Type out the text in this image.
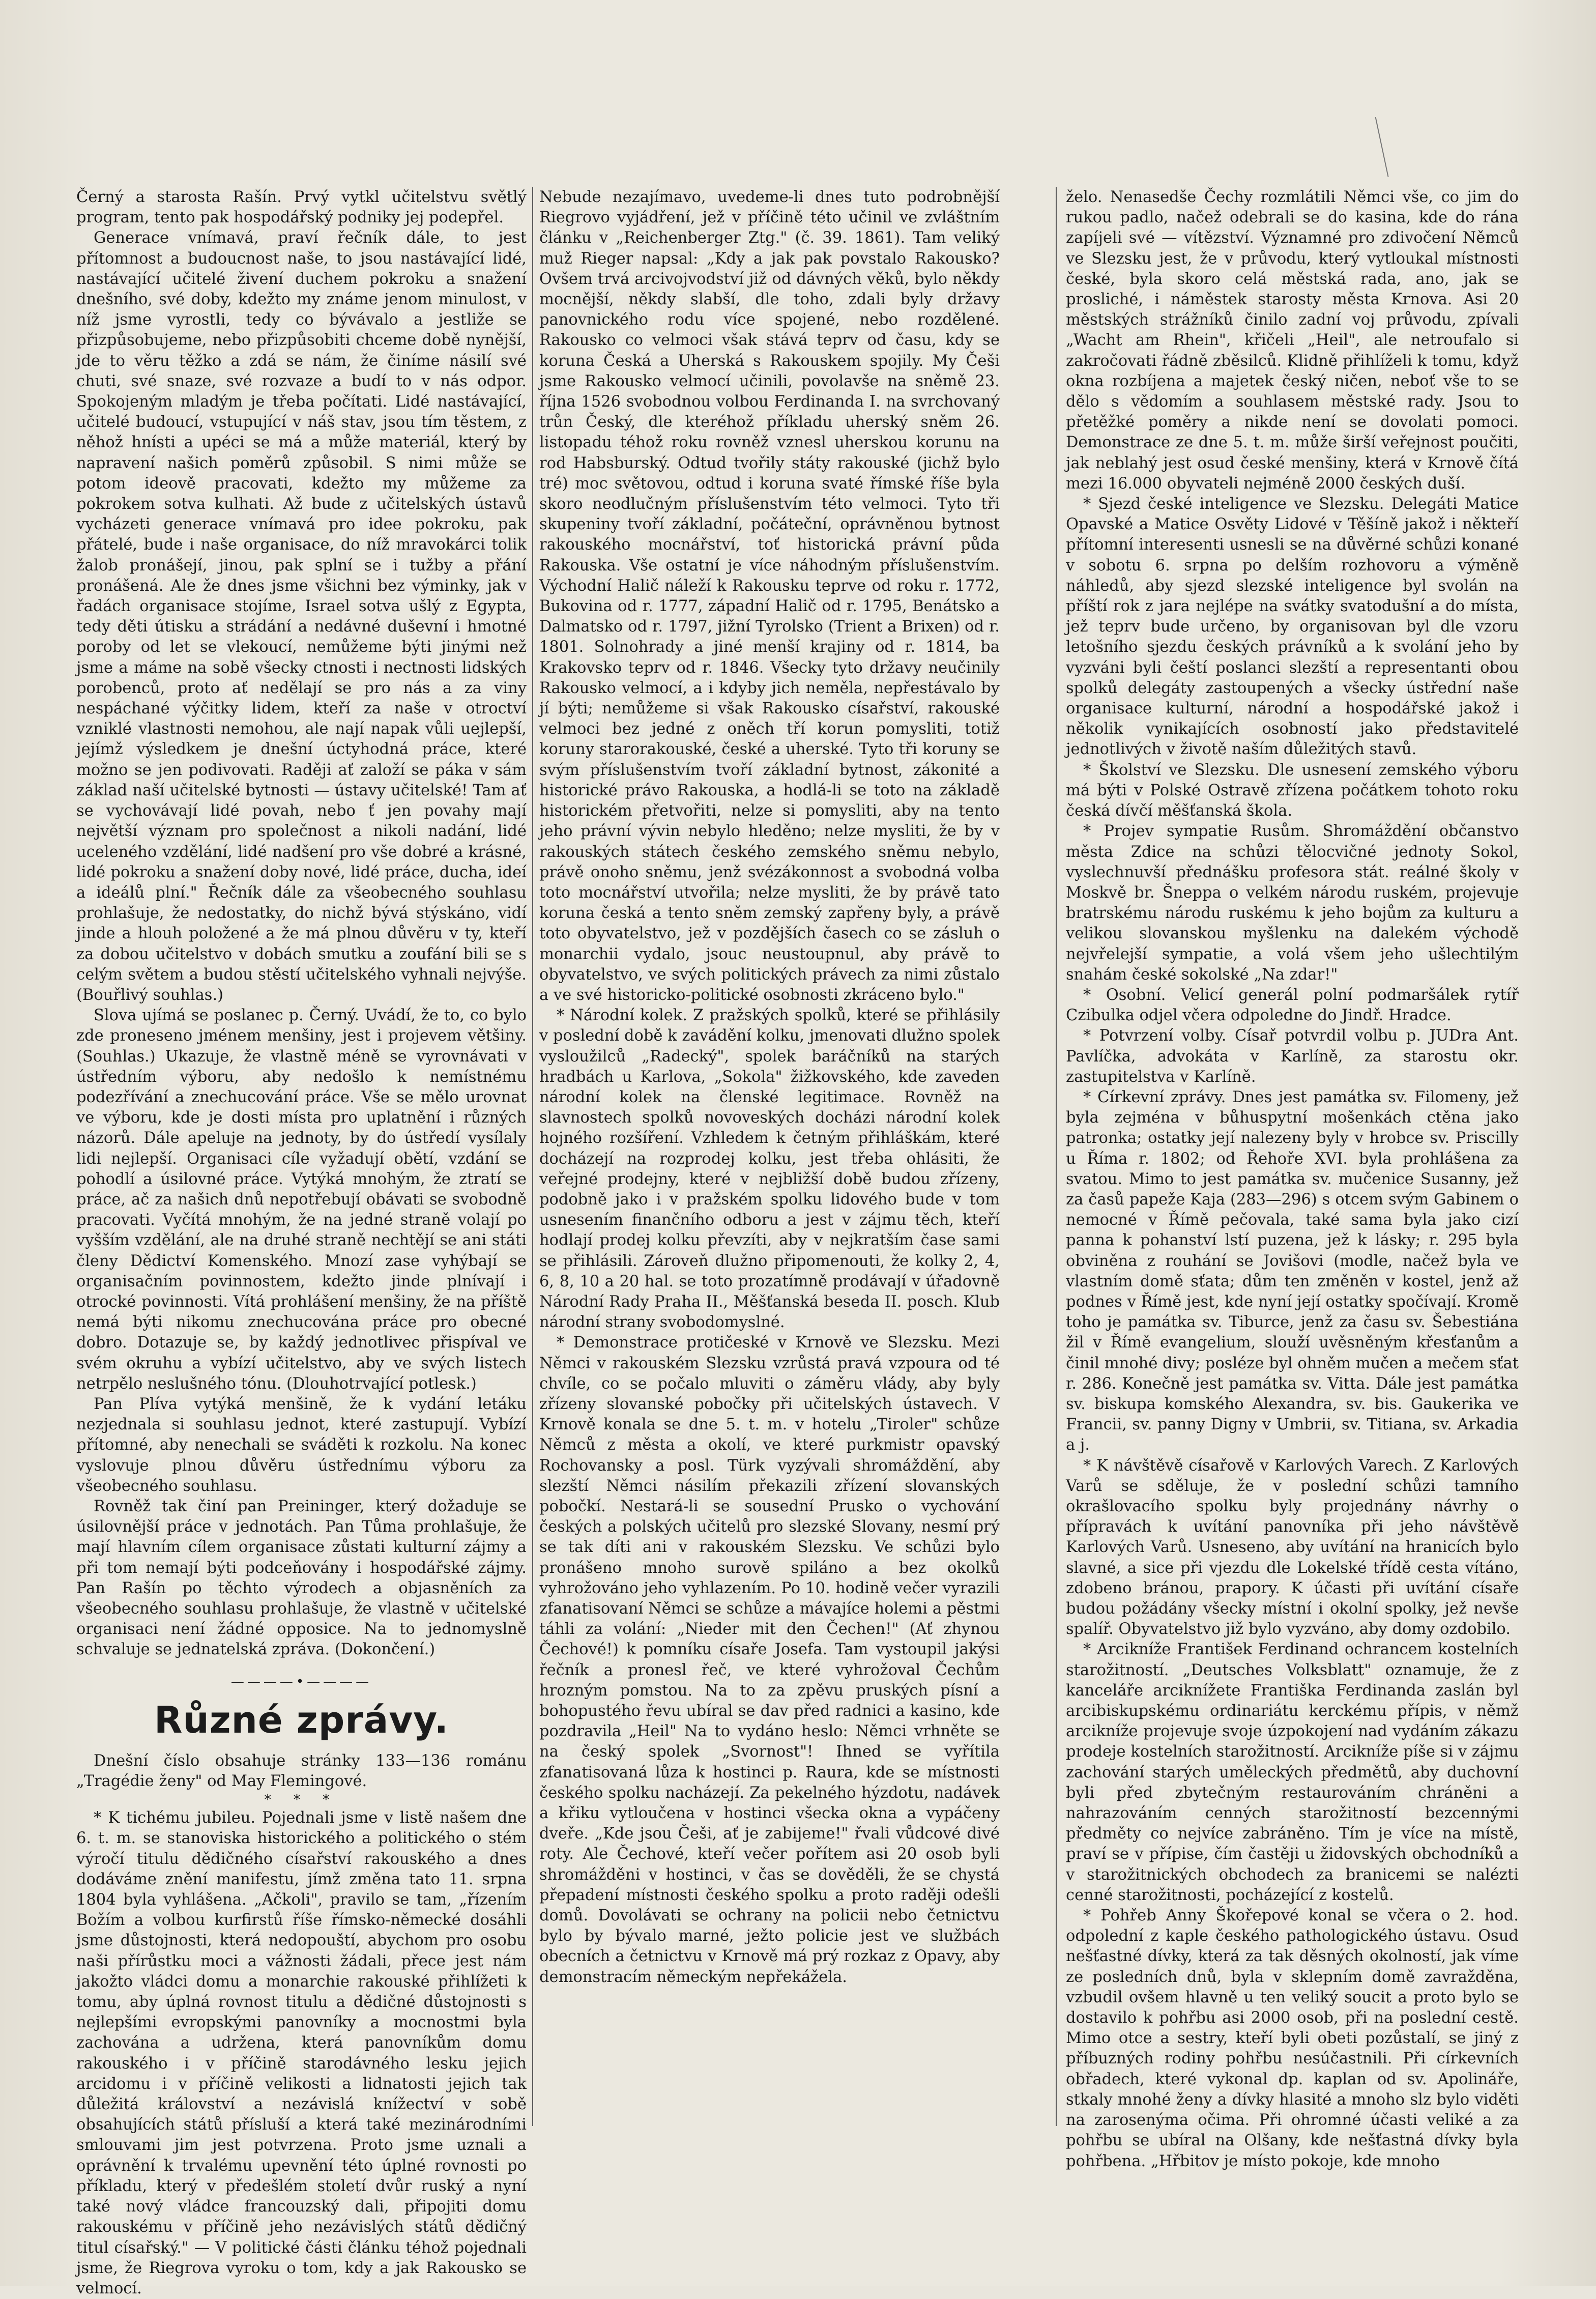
Černý a starosta Rašín. Prvý vytkl učitelstvu světlý program, tento pak hospodářský podniky jej podepřel.

Generace vnímavá, praví řečník dále, to jest přítomnost a budoucnost naše, to jsou nastávající lidé, nastávající učitelé živení duchem pokroku a snažení dnešního, své doby, kdežto my známe jenom minulost, v níž jsme vyrostli, tedy co bývávalo a jestliže se přizpůsobujeme, nebo přizpůsobiti chceme době nynější, jde to věru těžko a zdá se nám, že činíme násilí své chuti, své snaze, své rozvaze a budí to v nás odpor. Spokojeným mladým je třeba počítati. Lidé nastávající, učitelé budoucí, vstupující v náš stav, jsou tím těstem, z něhož hnísti a upéci se má a může materiál, který by napravení našich poměrů způsobil. S nimi může se potom ideově pracovati, kdežto my můžeme za pokrokem sotva kulhati. Až bude z učitelských ústavů vycházeti generace vnímavá pro idee pokroku, pak přátelé, bude i naše organisace, do níž mravokárci tolik žalob pronášejí, jinou, pak splní se i tužby a přání pronášená. Ale že dnes jsme všichni bez výminky, jak v řadách organisace stojíme, Israel sotva ušlý z Egypta, tedy děti útisku a strádání a nedávné duševní i hmotné poroby od let se vlekoucí, nemůžeme býti jinými než jsme a máme na sobě všecky ctnosti i nectnosti lidských porobenců, proto ať nedělají se pro nás a za viny nespáchané výčitky lidem, kteří za naše v otroctví vzniklé vlastnosti nemohou, ale nají napak vůli uejlepší, jejímž výsledkem je dnešní úctyhodná práce, které možno se jen podivovati. Raději ať založí se páka v sám základ naší učitelské bytnosti — ústavy učitelské! Tam ať se vychovávají lidé povah, nebo ť jen povahy mají největší význam pro společnost a nikoli nadání, lidé uceleného vzdělání, lidé nadšení pro vše dobré a krásné, lidé pokroku a snažení doby nové, lidé práce, ducha, ideí a ideálů plní." Řečník dále za všeobecného souhlasu prohlašuje, že nedostatky, do nichž bývá stýskáno, vidí jinde a hlouh položené a že má plnou důvěru v ty, kteří za dobou učitelstvo v dobách smutku a zoufání bili se s celým světem a budou stěstí učitelského vyhnali nejvýše. (Bouřlivý souhlas.)

Slova ujímá se poslanec p. Černý. Uvádí, že to, co bylo zde proneseno jménem menšiny, jest i projevem většiny. (Souhlas.) Ukazuje, že vlastně méně se vyrovnávati v ústředním výboru, aby nedošlo k nemístnému podezřívání a znechucování práce. Vše se mělo urovnat ve výboru, kde je dosti místa pro uplatnění i různých názorů. Dále apeluje na jednoty, by do ústředí vysílaly lidi nejlepší. Organisaci cíle vyžadují obětí, vzdání se pohodlí a úsilovné práce. Vytýká mnohým, že ztratí se práce, ač za našich dnů nepotřebují obávati se svobodně pracovati. Vyčítá mnohým, že na jedné straně volají po vyšším vzdělání, ale na druhé straně nechtějí se ani státi členy Dědictví Komenského. Mnozí zase vyhýbají se organisačním povinnostem, kdežto jinde plnívají i otrocké povinnosti. Vítá prohlášení menšiny, že na příště nemá býti nikomu znechucována práce pro obecné dobro. Dotazuje se, by každý jednotlivec přispíval ve svém okruhu a vybízí učitelstvo, aby ve svých listech netrpělo neslušného tónu. (Dlouhotrvající potlesk.)

Pan Plíva vytýká menšině, že k vydání letáku nezjednala si souhlasu jednot, které zastupují. Vybízí přítomné, aby nenechali se sváděti k rozkolu. Na konec vyslovuje plnou důvěru ústřednímu výboru za všeobecného souhlasu.

Rovněž tak činí pan Preininger, který dožaduje se úsilovnější práce v jednotách. Pan Tůma prohlašuje, že mají hlavním cílem organisace zůstati kulturní zájmy a při tom nemají býti podceňovány i hospodářské zájmy. Pan Rašín po těchto výrodech a objasněních za všeobecného souhlasu prohlašuje, že vlastně v učitelské organisaci není žádné opposice. Na to jednomyslně schvaluje se jednatelská zpráva. (Dokončení.)

————•————
Různé zprávy.

Dnešní číslo obsahuje stránky 133—136 románu „Tragédie ženy" od May Flemingové.

* * *

* K tichému jubileu. Pojednali jsme v listě našem dne 6. t. m. se stanoviska historického a politického o stém výročí titulu dědičného císařství rakouského a dnes dodáváme znění manifestu, jímž změna tato 11. srpna 1804 byla vyhlášena. „Ačkoli", pravilo se tam, „řízením Božím a volbou kurfirstů říše římsko-německé dosáhli jsme důstojnosti, která nedopouští, abychom pro osobu naši přírůstku moci a vážnosti žádali, přece jest nám jakožto vládci domu a monarchie rakouské přihlížeti k tomu, aby úplná rovnost titulu a dědičné důstojnosti s nejlepšími evropskými panovníky a mocnostmi byla zachována a udržena, která panovníkům domu rakouského i v příčině starodávného lesku jejich arcidomu i v příčině velikosti a lidnatosti jejich tak důležitá království a nezávislá knížectví v sobě obsahujících států přísluší a která také mezinárodními smlouvami jim jest potvrzena. Proto jsme uznali a oprávnění k trvalému upevnění této úplné rovnosti po příkladu, který v předešlém století dvůr ruský a nyní také nový vládce francouzský dali, připojiti domu rakouskému v příčině jeho nezávislých států dědičný titul císařský." — V politické části článku téhož pojednali jsme, že Riegrova vyroku o tom, kdy a jak Rakousko se velmocí.

Nebude nezajímavo, uvedeme-li dnes tuto podrobnější Riegrovo vyjádření, jež v příčině této učinil ve zvláštním článku v „Reichenberger Ztg." (č. 39. 1861). Tam veliký muž Rieger napsal: „Kdy a jak pak povstalo Rakousko? Ovšem trvá arcivojvodství již od dávných věků, bylo někdy mocnější, někdy slabší, dle toho, zdali byly državy panovnického rodu více spojené, nebo rozdělené. Rakousko co velmoci však stává teprv od času, kdy se koruna Česká a Uherská s Rakouskem spojily. My Češi jsme Rakousko velmocí učinili, povolavše na sněmě 23. října 1526 svobodnou volbou Ferdinanda I. na svrchovaný trůn Český, dle kteréhož příkladu uherský sněm 26. listopadu téhož roku rovněž vznesl uherskou korunu na rod Habsburský. Odtud tvořily státy rakouské (jichž bylo tré) moc světovou, odtud i koruna svaté římské říše byla skoro neodlučným příslušenstvím této velmoci. Tyto tři skupeniny tvoří základní, počáteční, oprávněnou bytnost rakouského mocnářství, toť historická právní půda Rakouska. Vše ostatní je více náhodným příslušenstvím. Východní Halič náleží k Rakousku teprve od roku r. 1772, Bukovina od r. 1777, západní Halič od r. 1795, Benátsko a Dalmatsko od r. 1797, jižní Tyrolsko (Trient a Brixen) od r. 1801. Solnohrady a jiné menší krajiny od r. 1814, ba Krakovsko teprv od r. 1846. Všecky tyto državy neučinily Rakousko velmocí, a i kdyby jich neměla, nepřestávalo by jí býti; nemůžeme si však Rakousko císařství, rakouské velmoci bez jedné z oněch tří korun pomysliti, totiž koruny starorakouské, české a uherské. Tyto tři koruny se svým příslušenstvím tvoří základní bytnost, zákonité a historické právo Rakouska, a hodlá-li se toto na základě historickém přetvořiti, nelze si pomysliti, aby na tento jeho právní vývin nebylo hleděno; nelze mysliti, že by v rakouských státech českého zemského sněmu nebylo, právě onoho sněmu, jenž svézákonnost a svobodná volba toto mocnářství utvořila; nelze mysliti, že by právě tato koruna česká a tento sněm zemský zapřeny byly, a právě toto obyvatelstvo, jež v pozdějších časech co se zásluh o monarchii vydalo, jsouc neustoupnul, aby právě to obyvatelstvo, ve svých politických právech za nimi zůstalo a ve své historicko-politické osobnosti zkráceno bylo."

* Národní kolek. Z pražských spolků, které se přihlásily v poslední době k zavádění kolku, jmenovati dlužno spolek vysloužilců „Radecký", spolek baráčníků na starých hradbách u Karlova, „Sokola" žižkovského, kde zaveden národní kolek na členské legitimace. Rovněž na slavnostech spolků novoveských docházi národní kolek hojného rozšíření. Vzhledem k četným přihláškám, které docházejí na rozprodej kolku, jest třeba ohlásiti, že veřejné prodejny, které v nejbližší době budou zřízeny, podobně jako i v pražském spolku lidového bude v tom usnesením finančního odboru a jest v zájmu těch, kteří hodlají prodej kolku převzíti, aby v nejkratším čase sami se přihlásili. Zároveň dlužno připomenouti, že kolky 2, 4, 6, 8, 10 a 20 hal. se toto prozatímně prodávají v úřadovně Národní Rady Praha II., Měšťanská beseda II. posch. Klub národní strany svobodomyslné.

* Demonstrace protičeské v Krnově ve Slezsku. Mezi Němci v rakouském Slezsku vzrůstá pravá vzpoura od té chvíle, co se počalo mluviti o záměru vlády, aby byly zřízeny slovanské pobočky při učitelských ústavech. V Krnově konala se dne 5. t. m. v hotelu „Tiroler" schůze Němců z města a okolí, ve které purkmistr opavský Rochovansky a posl. Türk vyzývali shromáždění, aby slezští Němci násilím překazili zřízení slovanských pobočkí. Nestará-li se sousední Prusko o vychování českých a polských učitelů pro slezské Slovany, nesmí prý se tak díti ani v rakouském Slezsku. Ve schůzi bylo pronášeno mnoho surově spiláno a bez okolků vyhrožováno jeho vyhlazením. Po 10. hodině večer vyrazili zfanatisovaní Němci se schůze a mávajíce holemi a pěstmi táhli za volání: „Nieder mit den Čechen!" (Ať zhynou Čechové!) k pomníku císaře Josefa. Tam vystoupil jakýsi řečník a pronesl řeč, ve které vyhrožoval Čechům hrozným pomstou. Na to za zpěvu pruských písní a bohopustého řevu ubíral se dav před radnici a kasino, kde pozdravila „Heil" Na to vydáno heslo: Němci vrhněte se na český spolek „Svornost"! Ihned se vyřítila zfanatisovaná lůza k hostinci p. Raura, kde se místnosti českého spolku nacházejí. Za pekelného hýzdotu, nadávek a křiku vytloučena v hostinci všecka okna a vypáčeny dveře. „Kde jsou Češi, ať je zabijeme!" řvali vůdcové divé roty. Ale Čechové, kteří večer pořítem asi 20 osob byli shromážděni v hostinci, v čas se dověděli, že se chystá přepadení místnosti českého spolku a proto raději odešli domů. Dovolávati se ochrany na policii nebo četnictvu bylo by bývalo marné, ježto policie jest ve službách obecních a četnictvu v Krnově má prý rozkaz z Opavy, aby demonstracím německým nepřekážela.

želo. Nenasedše Čechy rozmlátili Němci vše, co jim do rukou padlo, načež odebrali se do kasina, kde do rána zapíjeli své — vítězství. Významné pro zdivočení Němců ve Slezsku jest, že v průvodu, který vytloukal místnosti české, byla skoro celá městská rada, ano, jak se prosliché, i náměstek starosty města Krnova. Asi 20 městských strážníků činilo zadní voj průvodu, zpívali „Wacht am Rhein", křičeli „Heil", ale netroufalo si zakročovati řádně zběsilců. Klidně přihlíželi k tomu, když okna rozbíjena a majetek český ničen, neboť vše to se dělo s vědomím a souhlasem městské rady. Jsou to přetěžké poměry a nikde není se dovolati pomoci. Demonstrace ze dne 5. t. m. může širší veřejnost poučiti, jak neblahý jest osud české menšiny, která v Krnově čítá mezi 16.000 obyvateli nejméně 2000 českých duší.

* Sjezd české inteligence ve Slezsku. Delegáti Matice Opavské a Matice Osvěty Lidové v Těšíně jakož i někteří přítomní interesenti usnesli se na důvěrné schůzi konané v sobotu 6. srpna po delším rozhovoru a výměně náhledů, aby sjezd slezské inteligence byl svolán na příští rok z jara nejlépe na svátky svatodušní a do místa, jež teprv bude určeno, by organisovan byl dle vzoru letošního sjezdu českých právníků a k svolání jeho by vyzváni byli čeští poslanci slezští a representanti obou spolků delegáty zastoupených a všecky ústřední naše organisace kulturní, národní a hospodářské jakož i několik vynikajících osobností jako představitelé jednotlivých v životě naším důležitých stavů.

* Školství ve Slezsku. Dle usnesení zemského výboru má býti v Polské Ostravě zřízena počátkem tohoto roku česká dívčí měšťanská škola.

* Projev sympatie Rusům. Shromáždění občanstvo města Zdice na schůzi tělocvičné jednoty Sokol, vyslechnuvší přednášku profesora stát. reálné školy v Moskvě br. Šneppa o velkém národu ruském, projevuje bratrskému národu ruskému k jeho bojům za kulturu a velikou slovanskou myšlenku na dalekém východě nejvřelejší sympatie, a volá všem jeho ušlechtilým snahám české sokolské „Na zdar!"

* Osobní. Velicí generál polní podmaršálek rytíř Czibulka odjel včera odpoledne do Jindř. Hradce.

* Potvrzení volby. Císař potvrdil volbu p. JUDra Ant. Pavlíčka, advokáta v Karlíně, za starostu okr. zastupitelstva v Karlíně.

* Církevní zprávy. Dnes jest památka sv. Filomeny, jež byla zejména v bůhuspytní mošenkách ctěna jako patronka; ostatky její nalezeny byly v hrobce sv. Priscilly u Říma r. 1802; od Řehoře XVI. byla prohlášena za svatou. Mimo to jest památka sv. mučenice Susanny, jež za časů papeže Kaja (283—296) s otcem svým Gabinem o nemocné v Římě pečovala, také sama byla jako cizí panna k pohanství lstí puzena, jež k lásky; r. 295 byla obviněna z rouhání se Jovišovi (modle, načež byla ve vlastním domě sťata; dům ten změněn v kostel, jenž až podnes v Římě jest, kde nyní její ostatky spočívají. Kromě toho je památka sv. Tiburce, jenž za času sv. Šebestiána žil v Římě evangelium, slouží uvěsněným křesťanům a činil mnohé divy; posléze byl ohněm mučen a mečem sťat r. 286. Konečně jest památka sv. Vitta. Dále jest památka sv. biskupa komského Alexandra, sv. bis. Gaukerika ve Francii, sv. panny Digny v Umbrii, sv. Titiana, sv. Arkadia a j.

* K návštěvě císařově v Karlových Varech. Z Karlových Varů se sděluje, že v poslední schůzi tamního okrašlovacího spolku byly projednány návrhy o přípravách k uvítání panovníka při jeho návštěvě Karlových Varů. Usneseno, aby uvítání na hranicích bylo slavné, a sice při vjezdu dle Lokelské třídě cesta vítáno, zdobeno bránou, prapory. K účasti při uvítání císaře budou požádány všecky místní i okolní spolky, jež nevše spalíř. Obyvatelstvo již bylo vyzváno, aby domy ozdobilo.

* Arcikníže František Ferdinand ochrancem kostelních starožitností. „Deutsches Volksblatt" oznamuje, že z kanceláře arciknížete Františka Ferdinanda zaslán byl arcibiskupskému ordinariátu kerckému přípis, v němž arcikníže projevuje svoje úzpokojení nad vydáním zákazu prodeje kostelních starožitností. Arcikníže píše si v zájmu zachování starých uměleckých předmětů, aby duchovní byli před zbytečným restaurováním chráněni a nahrazováním cenných starožitností bezcennými předměty co nejvíce zabráněno. Tím je více na místě, praví se v přípise, čím častěji u židovských obchodníků a v starožitnických obchodech za branicemi se nalézti cenné starožitnosti, pocházející z kostelů.

* Pohřeb Anny Škořepové konal se včera o 2. hod. odpolední z kaple českého pathologického ústavu. Osud nešťastné dívky, která za tak děsných okolností, jak víme ze posledních dnů, byla v sklepním domě zavražděna, vzbudil ovšem hlavně u ten veliký soucit a proto bylo se dostavilo k pohřbu asi 2000 osob, při na poslední cestě. Mimo otce a sestry, kteří byli obeti pozůstalí, se jiný z příbuzných rodiny pohřbu nesúčastnili. Při církevních obřadech, které vykonal dp. kaplan od sv. Apolináře, stkaly mnohé ženy a dívky hlasité a mnoho slz bylo viděti na zarosenýma očima. Při ohromné účasti veliké a za pohřbu se ubíral na Olšany, kde nešťastná dívky byla pohřbena. „Hřbitov je místo pokoje, kde mnoho
